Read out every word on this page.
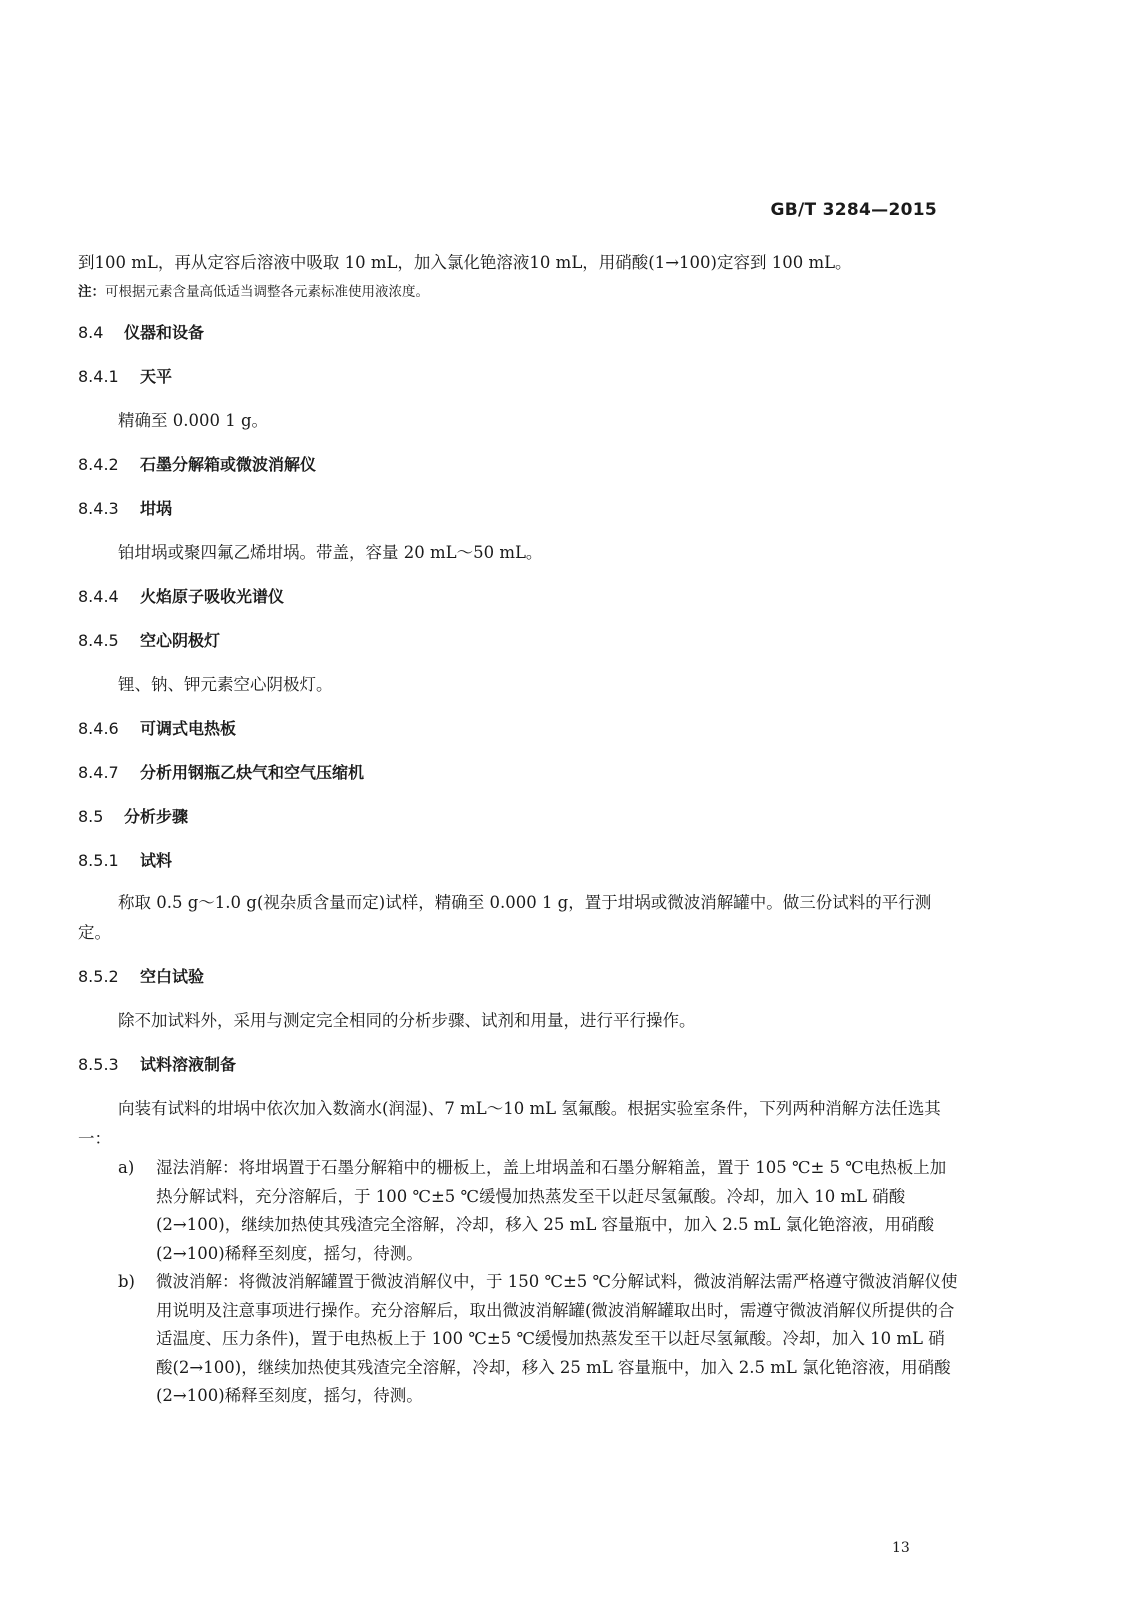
GB/T 3284—2015
到100 mL，再从定容后溶液中吸取 10 mL，加入氯化铯溶液10 mL，用硝酸(1→100)定容到 100 mL。
注：可根据元素含量高低适当调整各元素标准使用液浓度。
8.4 仪器和设备
8.4.1 天平
精确至 0.000 1 g。
8.4.2 石墨分解箱或微波消解仪
8.4.3 坩埚
铂坩埚或聚四氟乙烯坩埚。带盖，容量 20 mL～50 mL。
8.4.4 火焰原子吸收光谱仪
8.4.5 空心阴极灯
锂、钠、钾元素空心阴极灯。
8.4.6 可调式电热板
8.4.7 分析用钢瓶乙炔气和空气压缩机
8.5 分析步骤
8.5.1 试料
称取 0.5 g～1.0 g(视杂质含量而定)试样，精确至 0.000 1 g，置于坩埚或微波消解罐中。做三份试料的平行测定。
8.5.2 空白试验
除不加试料外，采用与测定完全相同的分析步骤、试剂和用量，进行平行操作。
8.5.3 试料溶液制备
向装有试料的坩埚中依次加入数滴水(润湿)、7 mL～10 mL 氢氟酸。根据实验室条件，下列两种消解方法任选其一：
a) 湿法消解：将坩埚置于石墨分解箱中的栅板上，盖上坩埚盖和石墨分解箱盖，置于 105 ℃± 5 ℃电热板上加热分解试料，充分溶解后，于 100 ℃±5 ℃缓慢加热蒸发至干以赶尽氢氟酸。冷却，加入 10 mL 硝酸(2→100)，继续加热使其残渣完全溶解，冷却，移入 25 mL 容量瓶中，加入 2.5 mL 氯化铯溶液，用硝酸(2→100)稀释至刻度，摇匀，待测。
b) 微波消解：将微波消解罐置于微波消解仪中，于 150 ℃±5 ℃分解试料，微波消解法需严格遵守微波消解仪使用说明及注意事项进行操作。充分溶解后，取出微波消解罐(微波消解罐取出时，需遵守微波消解仪所提供的合适温度、压力条件)，置于电热板上于 100 ℃±5 ℃缓慢加热蒸发至干以赶尽氢氟酸。冷却，加入 10 mL 硝酸(2→100)，继续加热使其残渣完全溶解，冷却，移入 25 mL 容量瓶中，加入 2.5 mL 氯化铯溶液，用硝酸(2→100)稀释至刻度，摇匀，待测。
13
